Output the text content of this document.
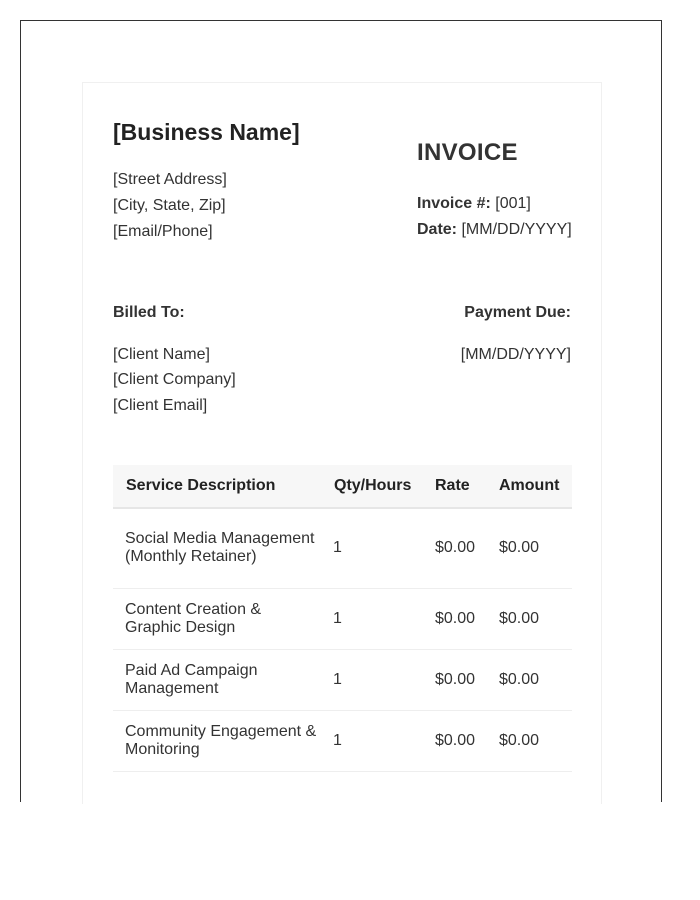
[Business Name]
[Street Address]
[City, State, Zip]
[Email/Phone]
INVOICE
Invoice #: [001]
Date: [MM/DD/YYYY]
Billed To:
[Client Name]
[Client Company]
[Client Email]
Payment Due:
[MM/DD/YYYY]
Service Description	Qty/Hours	Rate	Amount
Social Media Management (Monthly Retainer)	1	$0.00	$0.00
Content Creation & Graphic Design	1	$0.00	$0.00
Paid Ad Campaign Management	1	$0.00	$0.00
Community Engagement & Monitoring	1	$0.00	$0.00
